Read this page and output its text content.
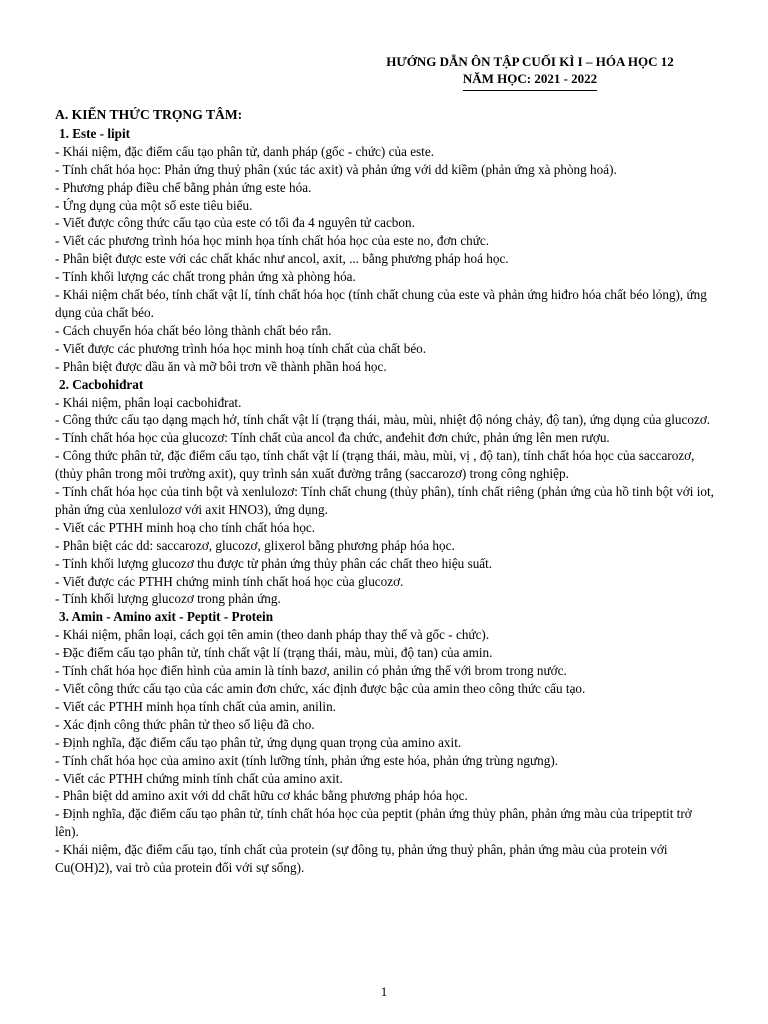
HƯỚNG DẪN ÔN TẬP CUỐI KÌ I – HÓA HỌC 12
NĂM HỌC: 2021 - 2022
A. KIẾN THỨC TRỌNG TÂM:
1. Este - lipit

- Khái niệm, đặc điểm cấu tạo phân tử, danh pháp (gốc - chức) của este.

- Tính chất hóa học: Phản ứng thuỷ phân (xúc tác axit) và phản ứng với dd kiềm (phản ứng xà phòng hoá).

- Phương pháp điều chế bằng phản ứng este hóa.

- Ứng dụng của một số este tiêu biểu.

- Viết được công thức cấu tạo của este có tối đa 4 nguyên tử cacbon.

- Viết các phương trình hóa học minh họa tính chất hóa học của este no, đơn chức.

- Phân biệt được este với các chất khác như ancol, axit, ... bằng phương pháp hoá học.

- Tính khối lượng các chất trong phản ứng xà phòng hóa.

- Khái niệm chất béo, tính chất vật lí, tính chất hóa học (tính chất chung của este và phản ứng hiđro hóa chất béo lỏng), ứng dụng của chất béo.

- Cách chuyển hóa chất béo lỏng thành chất béo rắn.

- Viết được các phương trình hóa học minh hoạ tính chất của chất béo.

- Phân biệt được dầu ăn và mỡ bôi trơn về thành phần hoá học.

2. Cacbohiđrat

- Khái niệm, phân loại cacbohiđrat.

- Công thức cấu tạo dạng mạch hở, tính chất vật lí (trạng thái, màu, mùi, nhiệt độ nóng chảy, độ tan), ứng dụng của glucozơ.

- Tính chất hóa học của glucozơ: Tính chất của ancol đa chức, anđehit đơn chức, phản ứng lên men rượu.

- Công thức phân tử, đặc điểm cấu tạo, tính chất vật lí (trạng thái, màu, mùi, vị , độ tan), tính chất hóa học của saccarozơ, (thủy phân trong môi trường axit), quy trình sản xuất đường trắng (saccarozơ) trong công nghiệp.

- Tính chất hóa học của tinh bột và xenlulozơ: Tính chất chung (thủy phân), tính chất riêng (phản ứng của hồ tinh bột với iot, phản ứng của xenlulozơ với axit HNO3), ứng dụng.

- Viết các PTHH minh hoạ cho tính chất hóa học.

- Phân biệt các dd: saccarozơ, glucozơ, glixerol bằng phương pháp hóa học.

- Tính khối lượng glucozơ thu được từ phản ứng thủy phân các chất theo hiệu suất.

- Viết được các PTHH chứng minh tính chất hoá học của glucozơ.

- Tính khối lượng glucozơ trong phản ứng.

3. Amin - Amino axit - Peptit - Protein

- Khái niệm, phân loại, cách gọi tên amin (theo danh pháp thay thế và gốc - chức).

- Đặc điểm cấu tạo phân tử, tính chất vật lí (trạng thái, màu, mùi, độ tan) của amin.

- Tính chất hóa học điển hình của amin là tính bazơ, anilin có phản ứng thế với brom trong nước.

- Viết công thức cấu tạo của các amin đơn chức, xác định được bậc của amin theo công thức cấu tạo.

- Viết các PTHH minh họa tính chất của amin, anilin.

- Xác định công thức phân tử theo số liệu đã cho.

- Định nghĩa, đặc điểm cấu tạo phân tử, ứng dụng quan trọng của amino axit.

- Tính chất hóa học của amino axit (tính lưỡng tính, phản ứng este hóa, phản ứng trùng ngưng).

- Viết các PTHH chứng minh tính chất của amino axit.

- Phân biệt dd amino axit với dd chất hữu cơ khác bằng phương pháp hóa học.

- Định nghĩa, đặc điểm cấu tạo phân tử, tính chất hóa học của peptit (phản ứng thủy phân, phản ứng màu của tripeptit trở lên).

- Khái niệm, đặc điểm cấu tạo, tính chất của protein (sự đông tụ, phản ứng thuỷ phân, phản ứng màu của protein với Cu(OH)2), vai trò của protein đối với sự sống).

1
